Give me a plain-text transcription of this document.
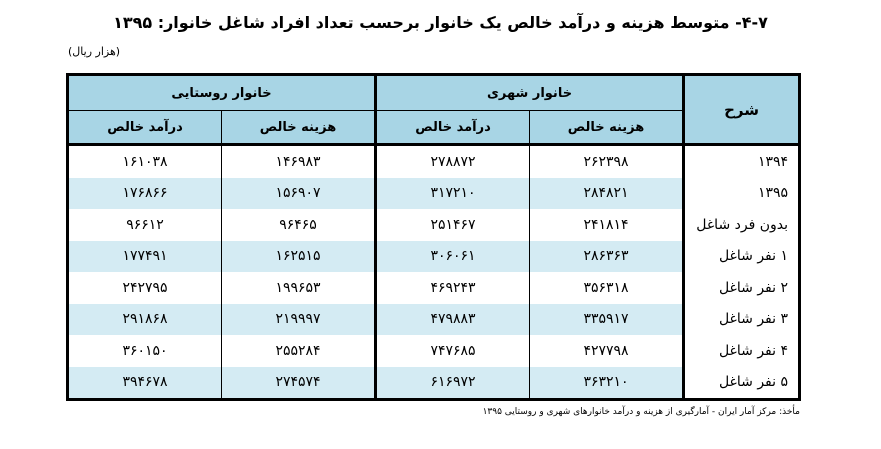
۴-۷- متوسط هزینه و درآمد خالص یک خانوار برحسب تعداد افراد شاغل خانوار: ۱۳۹۵
(هزار ریال)
شرح	خانوار شهری		خانوار روستایی	
	هزینه خالص	درآمد خالص	هزینه خالص	درآمد خالص
۱۳۹۴	۲۶۲۳۹۸	۲۷۸۸۷۲	۱۴۶۹۸۳	۱۶۱۰۳۸
۱۳۹۵	۲۸۴۸۲۱	۳۱۷۲۱۰	۱۵۶۹۰۷	۱۷۶۸۶۶
بدون فرد شاغل	۲۴۱۸۱۴	۲۵۱۴۶۷	۹۶۴۶۵	۹۶۶۱۲
۱ نفر شاغل	۲۸۶۳۶۳	۳۰۶۰۶۱	۱۶۲۵۱۵	۱۷۷۴۹۱
۲ نفر شاغل	۳۵۶۳۱۸	۴۶۹۲۴۳	۱۹۹۶۵۳	۲۴۲۷۹۵
۳ نفر شاغل	۳۳۵۹۱۷	۴۷۹۸۸۳	۲۱۹۹۹۷	۲۹۱۸۶۸
۴ نفر شاغل	۴۲۷۷۹۸	۷۴۷۶۸۵	۲۵۵۲۸۴	۳۶۰۱۵۰
۵ نفر شاغل	۳۶۳۲۱۰	۶۱۶۹۷۲	۲۷۴۵۷۴	۳۹۴۶۷۸
مأخذ: مرکز آمار ایران - آمارگیری از هزینه و درآمد خانوارهای شهری و روستایی ۱۳۹۵
